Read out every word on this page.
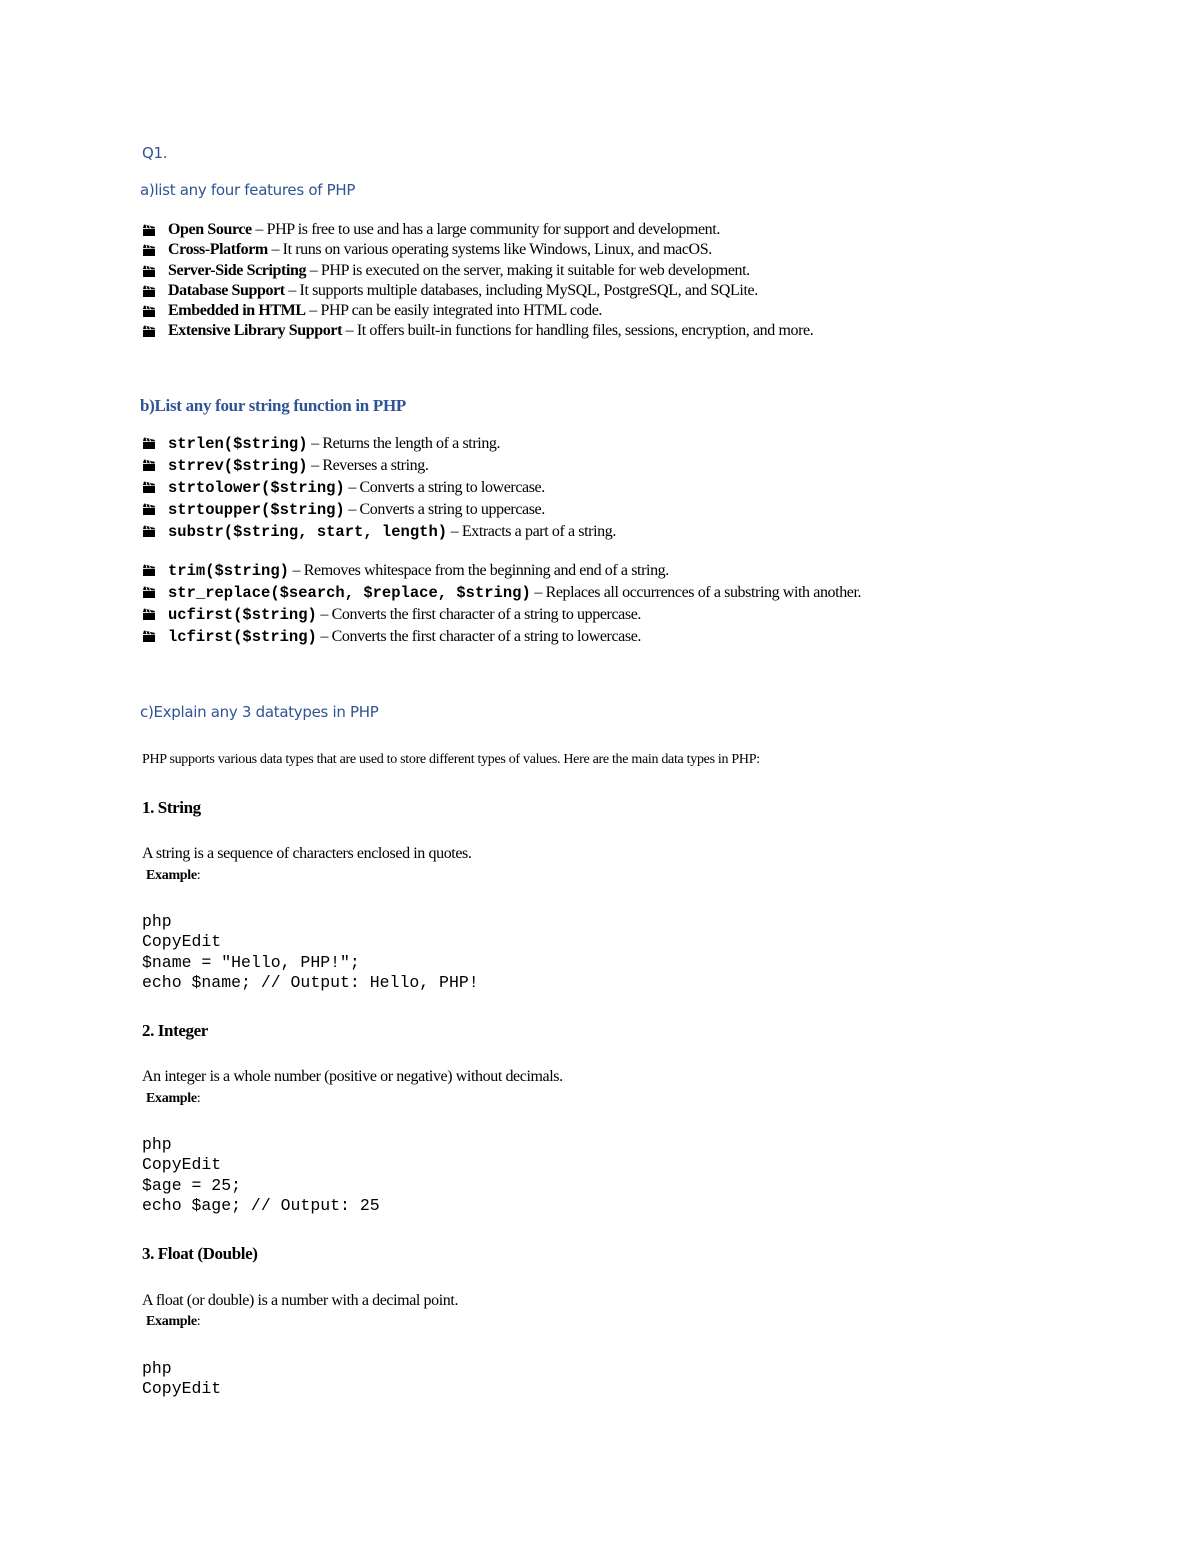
Q1.
a)list any four features of PHP
Open Source – PHP is free to use and has a large community for support and development.
Cross-Platform – It runs on various operating systems like Windows, Linux, and macOS.
Server-Side Scripting – PHP is executed on the server, making it suitable for web development.
Database Support – It supports multiple databases, including MySQL, PostgreSQL, and SQLite.
Embedded in HTML – PHP can be easily integrated into HTML code.
Extensive Library Support – It offers built-in functions for handling files, sessions, encryption, and more.
b)List any four string function in PHP
strlen($string) – Returns the length of a string.
strrev($string) – Reverses a string.
strtolower($string) – Converts a string to lowercase.
strtoupper($string) – Converts a string to uppercase.
substr($string, start, length) – Extracts a part of a string.
trim($string) – Removes whitespace from the beginning and end of a string.
str_replace($search, $replace, $string) – Replaces all occurrences of a substring with another.
ucfirst($string) – Converts the first character of a string to uppercase.
lcfirst($string) – Converts the first character of a string to lowercase.
c)Explain any 3 datatypes in PHP
PHP supports various data types that are used to store different types of values. Here are the main data types in PHP:
1. String
A string is a sequence of characters enclosed in quotes.
Example:
php
CopyEdit
$name = "Hello, PHP!";
echo $name; // Output: Hello, PHP!
2. Integer
An integer is a whole number (positive or negative) without decimals.
Example:
php
CopyEdit
$age = 25;
echo $age; // Output: 25
3. Float (Double)
A float (or double) is a number with a decimal point.
Example:
php
CopyEdit
